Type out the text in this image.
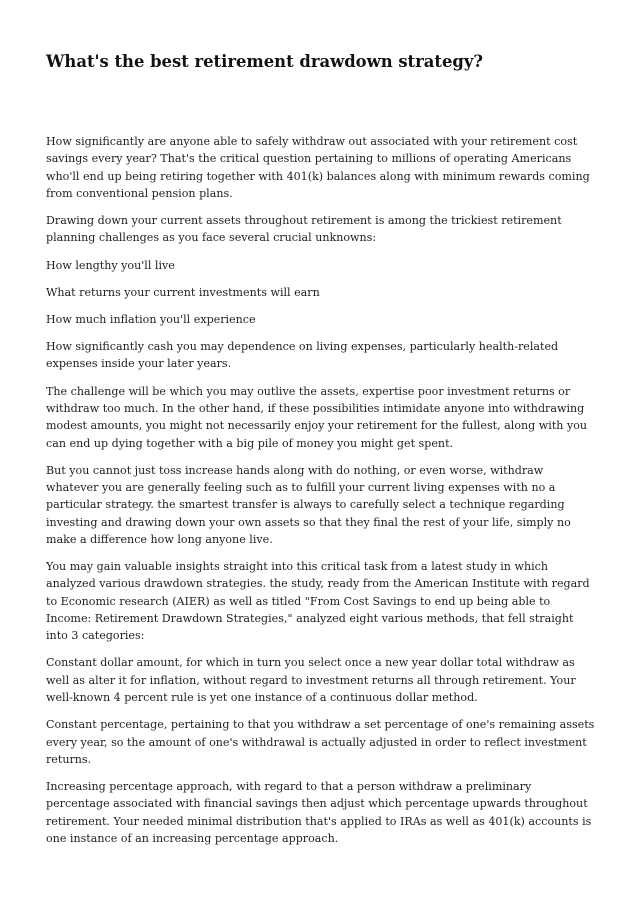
What's the best retirement drawdown strategy?

How significantly are anyone able to safely withdraw out associated with your retirement cost savings every year? That's the critical question pertaining to millions of operating Americans who'll end up being retiring together with 401(k) balances along with minimum rewards coming from conventional pension plans.

Drawing down your current assets throughout retirement is among the trickiest retirement planning challenges as you face several crucial unknowns:

How lengthy you'll live

What returns your current investments will earn

How much inflation you'll experience

How significantly cash you may dependence on living expenses, particularly health-related expenses inside your later years.

The challenge will be which you may outlive the assets, expertise poor investment returns or withdraw too much. In the other hand, if these possibilities intimidate anyone into withdrawing modest amounts, you might not necessarily enjoy your retirement for the fullest, along with you can end up dying together with a big pile of money you might get spent.

But you cannot just toss increase hands along with do nothing, or even worse, withdraw whatever you are generally feeling such as to fulfill your current living expenses with no a particular strategy. the smartest transfer is always to carefully select a technique regarding investing and drawing down your own assets so that they final the rest of your life, simply no make a difference how long anyone live.

You may gain valuable insights straight into this critical task from a latest study in which analyzed various drawdown strategies. the study, ready from the American Institute with regard to Economic research (AIER) as well as titled "From Cost Savings to end up being able to Income: Retirement Drawdown Strategies," analyzed eight various methods, that fell straight into 3 categories:

Constant dollar amount, for which in turn you select once a new year dollar total withdraw as well as alter it for inflation, without regard to investment returns all through retirement. Your well-known 4 percent rule is yet one instance of a continuous dollar method.

Constant percentage, pertaining to that you withdraw a set percentage of one's remaining assets every year, so the amount of one's withdrawal is actually adjusted in order to reflect investment returns.

Increasing percentage approach, with regard to that a person withdraw a preliminary percentage associated with financial savings then adjust which percentage upwards throughout retirement. Your needed minimal distribution that's applied to IRAs as well as 401(k) accounts is one instance of an increasing percentage approach.
